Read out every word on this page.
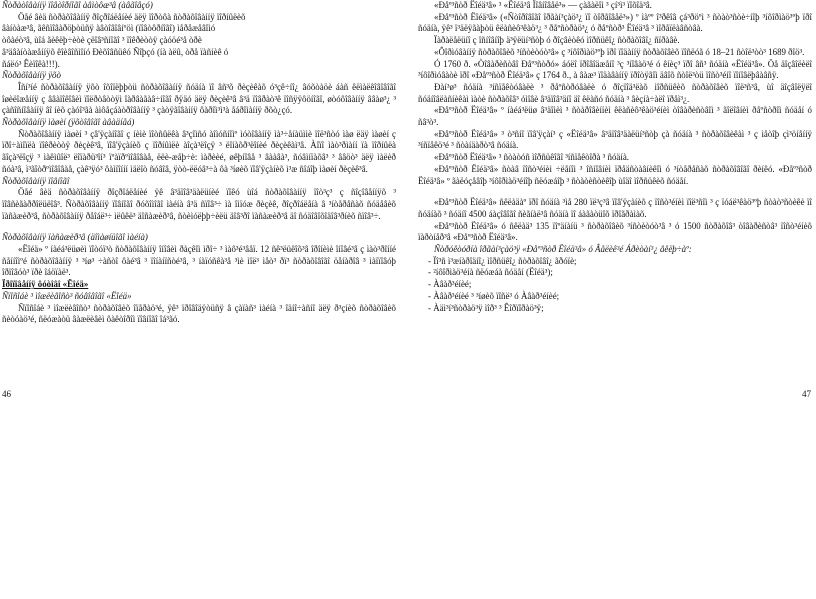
Ñòðàòîâàííÿ ïîâòîðíîãî àâìòôæ³â (àâãîâçó)

Öåé âèä ñòðàõîâàííÿ ðîçðîáëåíèé äëÿ ïîðòôà ñòðàõîâàííÿ ïîðíûëèõ

âàíòàæ³â, ãêñïîâàðöþòüñÿ àâòîâîâíºöì (ïîâòôðíîãî) ìåðåæåâîìó

òôàéò³â, ùîá ãèêëþ÷èòè çëîâ³ñíîãî ³ ïîêðèòòÿ çàóöé³å òðè

â³äâàíòàæåííÿõ êîèâîñìîíó Ðèõîâñüêó Ñîþçó (íà àëû, òðå ïàñíèê ó

ñáëó³ Êèïîêà!!!).

Ñòðàõîâàííÿ ÿõò

Îñí³íé ñòðàõîâàííÿ ÿõò îõîïëþþòü ñòðàõîâàííÿ ñóäíà ïî âñ³õ ðèçèêàõ ó³çê÷íî¿ âóõòàöè áàñ êëìàëêîâîâîãî îøèëîæåííÿ ç ââàïîêîâèì ïîëðòâòòÿì îàðâàãàâ÷íîãî ðÿäó äëÿ ðèçèê³â â³ä ïîâðàò³ê ïîñÿÿôöíîãî, øòóôîâàííÿ ââàø³¿ ³ çàñîñíîâàííÿ âî íèõ çàóî³ãà àìôåçáàòðîâàííÿ ³ çàòÿãîâàííÿ ôàðîì³ì³à åáðîìàííÿ ðõò¿çó.

Ñòðàõîâàííÿ ìàøèí (ÿõòîâîãî àâàäíåá)

Ñòðàõîâàííÿ ìàøèí ³ çâ'ÿçàíîãî ç íèìè ïîòñûëêà â³çîìñó àîìóñíîìº ìóòîâàííÿ ìà³÷åíàüììè ïîë³ñòó ìàø ëäÿ ìàøèí ç ïðî÷àìîïëà ïîêðèòòÿ ðèçèê³â, ïîâ'ÿçàíèõ ç ïîðíûìëè àîçà³ëîçÿ ³ ëîíàõð³ëîíèé ðèçèêàì³â. Àîïî ìàò³ðìàíí ïà ïîðíûëà ãîçà³ëîçÿ ³ ìàêìûîë³ ëîïàðü³îí³ ïºàïðºìîâîâàå, ëëè-æåþ÷è: ìàðèèé, øêþíîâå ³ âààâà³, ñóâìíïàõâ³ ³ ââöò³ äëÿ ìàëèð ñóà³â, ì³ãîòðºìîâîâàå, çàê³ÿó³ ôàìïîííí ìäëîò ñóâîâ, ÿòò-ëëóâ³÷à ôà ³íøèõ ïîâ'ÿçàíèõ ì³æ ñîáîþ ìàøèí ðèçèê³â.

Ñòðàõîâàííÿ ïîâíîãî

Öåé âèä ñòðàõîâàííÿ ðîçðîáëåíèé ÿê â³äïîâ³äàëüíèé ïîêó ùîá ñòðàõîâàííÿ ïîò³ç³ ç ñîçîâåííÿõ ³ ïîâñèãàððîëüëîâ³. Ñòðàõîâàííÿ ïîâíîãî ðóõîìîãî ìàéíà â³ä ñïîâ³÷ ìà îìïóæ ðèçèê, ðîçðîáëåíà â ³íòåðåñàõ ñóäåâèõ ïàñàæèð³â, ñòðàõîâàííÿ ðåîáë³÷ ìëûêë³ äîñàæèð³â, ñòèìóëþþ÷èëü äîâ³ðî ïàñàæèð³â äî ñóäîâîõîäîâ³ðíèõ ñïîâ³÷.

Ñòðàõîâàííÿ ïàñàæèð³â (äîìàøíüîãî ìàéíà)

«Ëîéä» º íàéá³ëüøèì ïîòóï³ò ñòðàõîâàííÿ îíîâèì ðàçêîì ìðî÷ ³ ìàô³é³âåï. 12 ñê³ëüêîõ³â îðîíèìè îíîâé³â ç ìàò³ðîííé ñåííîìºé ñòðàõîâàííÿ ³ ³íø³ ÷àñòî ôàé³â ³ ïîíàíïñòé³â, ³ íàïóñêà³å ³ìè ìîë³ ìåò³ ðï³ ñòðàõîâîãî öåíàðîâ ³ ìàïïîâóþ îðïîâóò³ ïðè îáöïàë³.

Ïðîïîâåííÿ ôóòîâî «Ëîéä»

Ñïîñîáè ³ ìîæëèâîñò³ ñóâîâîãî «Ëîéä»

Ñïîñîáè ³ ìîæëèâîñò³ ñòðàõîâèõ îïåðàö³é, ÿê³ ïðîâîäÿòüñÿ â çàïàñ³ ìàéíà ³ îäíî÷àñíî äëÿ ð³çíèõ ñòðàõîâèõ ñèòóàö³é, ñëóæàòü âàæëèâèì ôàêòîðîì ïîâíîãî îá³ãó.

46

«Ðåº³ñòð Ëîéä³â» ³ «Ëîéä³â Ïîâíîâåë³» — çàãàëîì ³ çí³ì³ ïîõîä³â.

«Ðåº³ñòð Ëîéä³â» («Ñòîðîâîãî îðãàí³çàö³¿ ïî òîðãîâåë³») º ìàºº î³ðêîâ çá³ðöºì ³ ñòàò³ñòè÷íîþ ³íôîðìàö³ºþ ïðî ñóäíà, ÿê³ ï³äëÿãàþòü êëàñèô³êàö³¿ ³ ðåºñòðàö³¿ ó ðåºñòð³ Ëîéä³â ³ ìîðåïëàâñòâà.

Ïàðàëåëüíî ç îñíîâíîþ ä³ÿëüí³ñòþ ó ðîçâèòêó ìîðñüêî¿ ñòðàõîâî¿ ñïðàâè.

«Ôîðìóâàííÿ ñòðàõîâèõ ³íñòèòóò³â» ç ³íôîðìàö³ºþ ïðî ïîäàííÿ ñòðàõîâèõ ïîñëóã ó 18–21 ñòîë³òò³ 1689 ðîö³.

Ó 1760 ð. «Òîâàðèñòâî Ðåº³ñòðó» áóëî ïðîâîäæåíî ³ç ³íîâàö³é ó êíèç³ ïðî âñ³ ñóäíà «Ëîéä³â». Öå äîçâîëèëî ³íôîðìóâàòè ïðî «Ðåº³ñòð Ëîéä³â» ç 1764 ð., à âàæ³ ïîäàâàííÿ ïðîòÿãîì äâîõ ñòîë³òü ïîñò³éíî ïîíîâëþâàâñÿ.

Ðàí³ø³ ñóäíà ³íñïåêòóâàëè ³ ðåºñòðóâàëè ó ðîçïîä³ëàõ ìîðñüêèõ ñòðàõîâèõ ïîë³ñ³â, ùî äîçâîëÿëî ñóäíîâëàñíèêàì ìàòè ñòðàõîâ³ óìîâè â³äïîâ³äíî äî êëàñó ñóäíà ³ âèçíà÷àëî ïðåì³¿.

«Ðåº³ñòð Ëîéä³â» º íàéá³ëüø â³äîìèì ³ ñòàðîâèííèì êëàñèô³êàö³éíèì òîâàðèñòâîì ³ ãîëîâíèì ðåºñòðîì ñóäåí ó ñâ³ò³.

«Ðåº³ñòð Ëîéä³â» ³ ò³ñíî ïîâ'ÿçàí³ ç «Ëîéä³â» â³äïîâ³äàëüí³ñòþ çà ñóäíà ³ ñòðàõîâèêàì ³ ç ìåòîþ çì³öíåííÿ ³íñïåêö³é ³ ñòàíäàðò³â ñóäíà.

«Ðåº³ñòð Ëîéä³â» ³ ñòàòóñ ìîðñüêîãî ³íñïåêòîðà ³ ñóäíà.

«Ðåº³ñòð Ëîéä³â» ñòàâ ïîñò³éíèì ÷ëåíîì ³ îñíîâíèì ïðåäñòàâíèêîì ó ³íòåðåñàõ ñòðàõîâîãî ðèíêó. «Ðåº³ñòð Ëîéä³â» º ãàëóçåâîþ ³íôîðìàö³éíîþ ñëóæáîþ ³ ñòàòèñòèêîþ ùîäî ìîðñüêèõ ñóäåí.

«Ðåº³ñòð Ëîéä³â» ñêëàäàº ïðî ñóäíà ³ìå 280 ïë³ç³â ïîâ'ÿçàíèõ ç ïîñò³éíèì ïîë³ñîì ³ ç ïóáë³êàö³ºþ ñòàò³ñòèêè ïî ñóäíàõ ³ ñóäíî 4500 áàçîâîãî ñèãíàë³â ñóäíà ïî áàãàòüîõ ïðîãðàìàõ.

«Ðåº³ñòð Ëîéä³â» ó ñêëàä³ 135 ïîºäíàíü ³ ñòðàõîâèõ ³íñòèòóò³â ³ ó 1500 ñòðàõîâ³ òîâàðèñòâ³ ïîñò³éíèõ ïàðòíåð³â «Ðåº³ñòð Ëîéä³â».

Ñòðóêòóðíà îðãàí³çàö³ÿ «Ðåº³ñòð Ëîéä³â» ó Âåëèê³é Áðèòàí³¿ âêëþ÷àº:

- Ïî³ñ ì³æíàðîäíî¿ ìîðñüêî¿ ñòðàõîâî¿ ãðóïè;
- ²íôîðìàö³éíà ñëóæáà ñóäåí (Ëîéä³);
- Àâàð³éíèé;
- Àâàð³éíèé ³ ³íøèõ ïîñë³ ó Àâàð³éíèé;
- Àäì³í³ñòðàö³ÿ ìîð³ ³ Êîðïîðàö³ÿ;
47
